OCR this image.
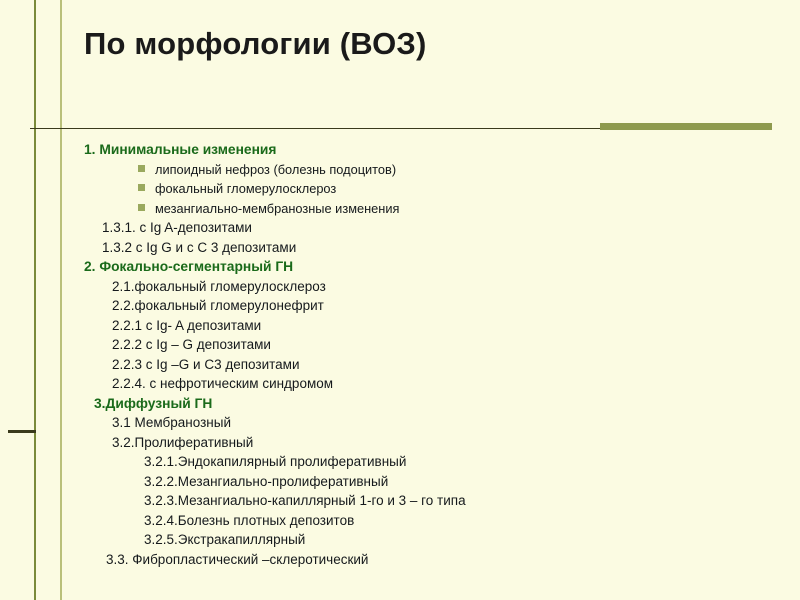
По морфологии (ВОЗ)
1. Минимальные изменения
липоидный нефроз (болезнь подоцитов)
фокальный гломерулосклероз
мезангиально-мембранозные изменения
1.3.1. с Ig A-депозитами
1.3.2 с Ig G и с C 3 депозитами
2. Фокально-сегментарный ГН
2.1.фокальный гломерулосклероз
2.2.фокальный гломерулонефрит
2.2.1 с Ig- A депозитами
2.2.2 с Ig – G депозитами
2.2.3 с Ig –G и С3 депозитами
2.2.4. с нефротическим синдромом
3.Диффузный ГН
3.1 Мембранозный
3.2.Пролиферативный
3.2.1.Эндокапилярный пролиферативный
3.2.2.Мезангиально-пролиферативный
3.2.3.Мезангиально-капиллярный 1-го и 3 – го типа
3.2.4.Болезнь плотных депозитов
3.2.5.Экстракапиллярный
3.3. Фибропластический –склеротический
